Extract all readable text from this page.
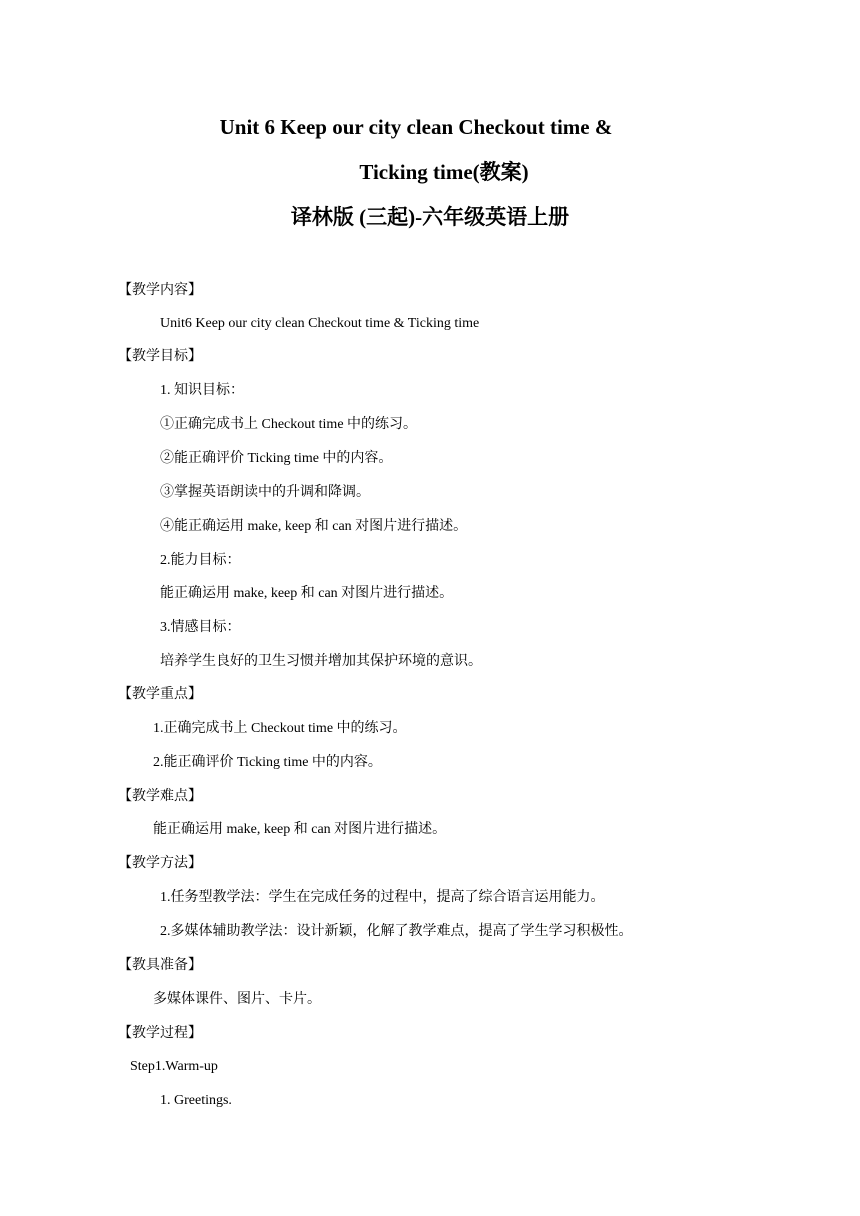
Unit 6 Keep our city clean Checkout time &
Ticking time(教案)
译林版 (三起)-六年级英语上册
【教学内容】
Unit6 Keep our city clean Checkout time & Ticking time
【教学目标】
1. 知识目标：
①正确完成书上 Checkout time 中的练习。
②能正确评价 Ticking time 中的内容。
③掌握英语朗读中的升调和降调。
④能正确运用 make, keep 和 can 对图片进行描述。
2.能力目标：
能正确运用 make, keep 和 can 对图片进行描述。
3.情感目标：
培养学生良好的卫生习惯并增加其保护环境的意识。
【教学重点】
1.正确完成书上 Checkout time 中的练习。
2.能正确评价 Ticking time 中的内容。
【教学难点】
能正确运用 make, keep 和 can 对图片进行描述。
【教学方法】
1.任务型教学法：学生在完成任务的过程中，提高了综合语言运用能力。
2.多媒体辅助教学法：设计新颖，化解了教学难点，提高了学生学习积极性。
【教具准备】
多媒体课件、图片、卡片。
【教学过程】
Step1.Warm-up
1. Greetings.
